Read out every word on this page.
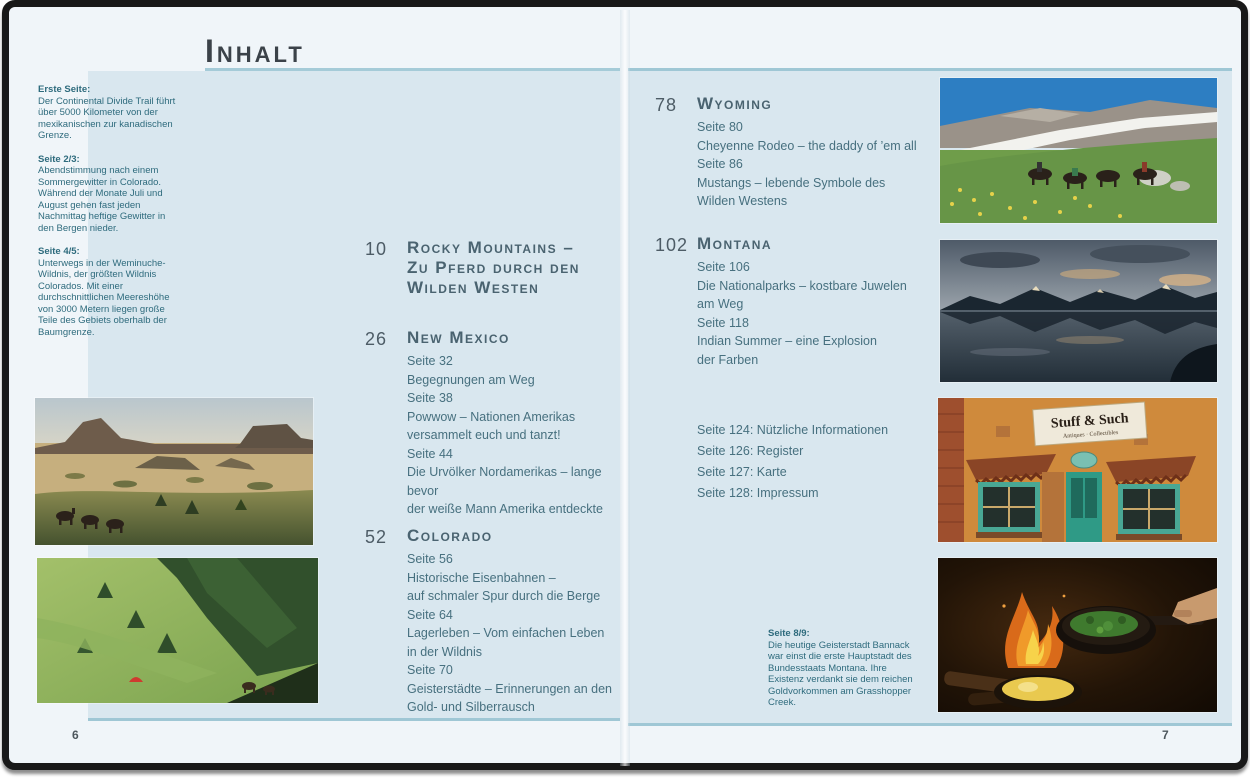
Inhalt
Erste Seite:
Der Continental Divide Trail führt über 5000 Kilometer von der mexikanischen zur kanadischen Grenze.
Seite 2/3:
Abendstimmung nach einem Sommergewitter in Colorado. Während der Monate Juli und August gehen fast jeden Nachmittag heftige Gewitter in den Bergen nieder.
Seite 4/5:
Unterwegs in der Weminuche-Wildnis, der größten Wildnis Colorados. Mit einer durchschnittlichen Meereshöhe von 3000 Metern liegen große Teile des Gebiets oberhalb der Baumgrenze.
10	Rocky Mountains –
Zu Pferd durch den
Wilden Westen
26	New Mexico
Seite 32
Begegnungen am Weg
Seite 38
Powwow – Nationen Amerikas
versammelt euch und tanzt!
Seite 44
Die Urvölker Nordamerikas – lange bevor
der weiße Mann Amerika entdeckte
52	Colorado
Seite 56
Historische Eisenbahnen –
auf schmaler Spur durch die Berge
Seite 64
Lagerleben – Vom einfachen Leben
in der Wildnis
Seite 70
Geisterstädte – Erinnerungen an den
Gold- und Silberrausch
78	Wyoming
Seite 80
Cheyenne Rodeo – the daddy of ’em all
Seite 86
Mustangs – lebende Symbole des
Wilden Westens
102 Montana
Seite 106
Die Nationalparks – kostbare Juwelen
am Weg
Seite 118
Indian Summer – eine Explosion
der Farben
Seite 124: Nützliche Informationen
Seite 126: Register
Seite 127: Karte
Seite 128: Impressum
Seite 8/9:
Die heutige Geisterstadt Bannack war einst die erste Hauptstadt des Bundesstaats Montana. Ihre Existenz verdankt sie dem reichen Goldvorkommen am Grasshopper Creek.
6	7
Stuff & Such
Antiques · Collectibles
